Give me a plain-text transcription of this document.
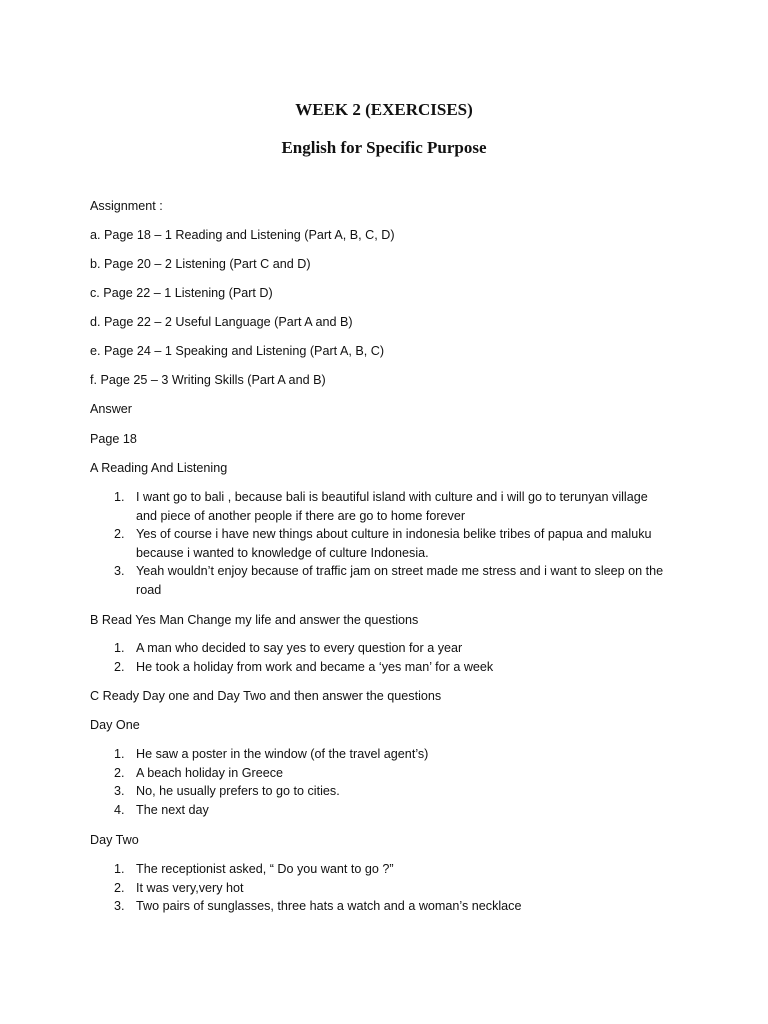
WEEK 2 (EXERCISES)
English for Specific Purpose

Assignment :

a. Page 18 – 1 Reading and Listening (Part A, B, C, D)

b. Page 20 – 2 Listening (Part C and D)

c. Page 22 – 1 Listening (Part D)

d. Page 22 – 2 Useful Language (Part A and B)

e. Page 24 – 1 Speaking and Listening (Part A, B, C)

f. Page 25 – 3 Writing Skills (Part A and B)

Answer

Page 18

A Reading And Listening

1. I want go to bali , because bali is beautiful island with culture and i will go to terunyan village
and piece of another people if there are go to home forever
2. Yes of course i have new things about culture in indonesia belike tribes of papua and maluku
because i wanted to knowledge of culture Indonesia.
3. Yeah wouldn’t enjoy because of traffic jam on street made me stress and i want to sleep on the
road

B Read Yes Man Change my life and answer the questions

1. A man who decided to say yes to every question for a year
2. He took a holiday from work and became a ‘yes man’ for a week

C Ready Day one and Day Two and then answer the questions

Day One

1. He saw a poster in the window (of the travel agent’s)
2. A beach holiday in Greece
3. No, he usually prefers to go to cities.
4. The next day

Day Two

1. The receptionist asked, “ Do you want to go ?”
2. It was very,very hot
3. Two pairs of sunglasses, three hats a watch and a woman’s necklace
